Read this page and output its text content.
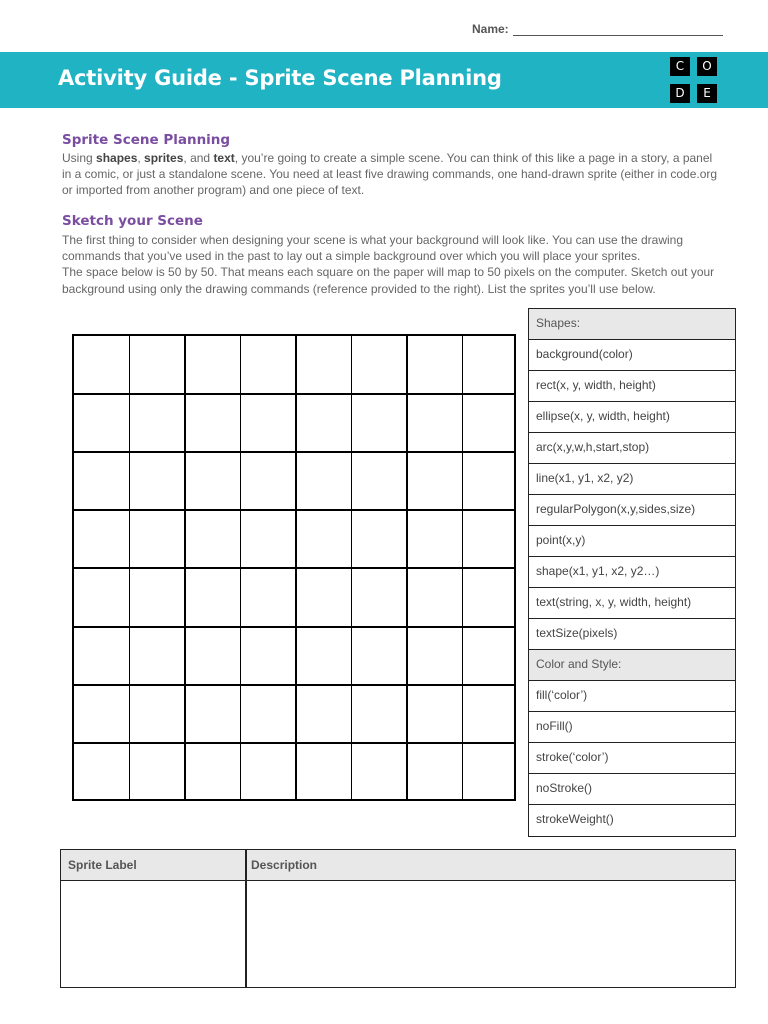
Name:
Activity Guide - Sprite Scene Planning	C	O
D	E
Sprite Scene Planning
Using shapes, sprites, and text, you’re going to create a simple scene. You can think of this like a page in a story, a panel in a comic, or just a standalone scene. You need at least five drawing commands, one hand-drawn sprite (either in code.org or imported from another program) and one piece of text.
Sketch your Scene
The first thing to consider when designing your scene is what your background will look like. You can use the drawing commands that you’ve used in the past to lay out a simple background over which you will place your sprites.
The space below is 50 by 50. That means each square on the paper will map to 50 pixels on the computer. Sketch out your background using only the drawing commands (reference provided to the right). List the sprites you’ll use below.
Shapes:
background(color)
rect(x, y, width, height)
ellipse(x, y, width, height)
arc(x,y,w,h,start,stop)
line(x1, y1, x2, y2)
regularPolygon(x,y,sides,size)
point(x,y)
shape(x1, y1, x2, y2…)
text(string, x, y, width, height)
textSize(pixels)
Color and Style:
fill(‘color’)
noFill()
stroke(‘color’)
noStroke()
strokeWeight()
Sprite Label	Description
